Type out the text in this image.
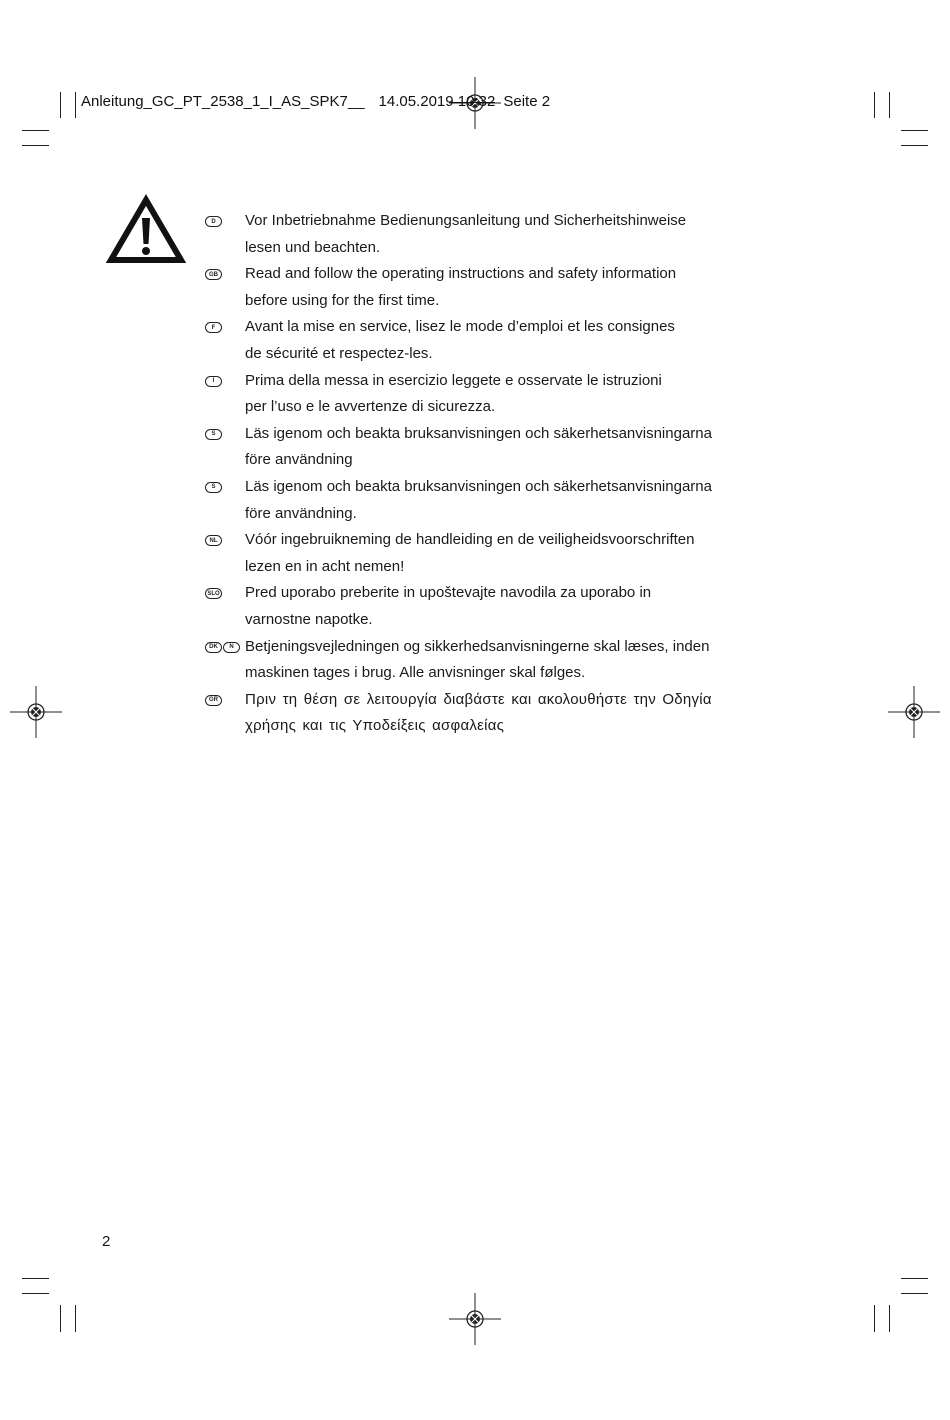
Anleitung_GC_PT_2538_1_I_AS_SPK7__ 14.05.2019 10:32 Seite 2
D	Vor Inbetriebnahme Bedienungsanleitung und Sicherheitshinweise
lesen und beachten.
GB Read and follow the operating instructions and safety information
before using for the first time.
F	Avant la mise en service, lisez le mode d’emploi et les consignes
de sécurité et respectez-les.
I	Prima della messa in esercizio leggete e osservate le istruzioni
per l’uso e le avvertenze di sicurezza.
S	Läs igenom och beakta bruksanvisningen och säkerhetsanvisningarna
före användning
S	Läs igenom och beakta bruksanvisningen och säkerhetsanvisningarna
före användning.
NL	Vóór ingebruikneming de handleiding en de veiligheidsvoorschriften
lezen en in acht nemen!
SLO Pred uporabo preberite in upoštevajte navodila za uporabo in
varnostne napotke.
DK	N Betjeningsvejledningen og sikkerhedsanvisningerne skal læses, inden
maskinen tages i brug. Alle anvisninger skal følges.
GR Πριν τη θέση σε λειτουργία διαβάστε και ακολουθήστε την Οδηγία
χρήσης και τις Υποδείξεις ασφαλείας
2
